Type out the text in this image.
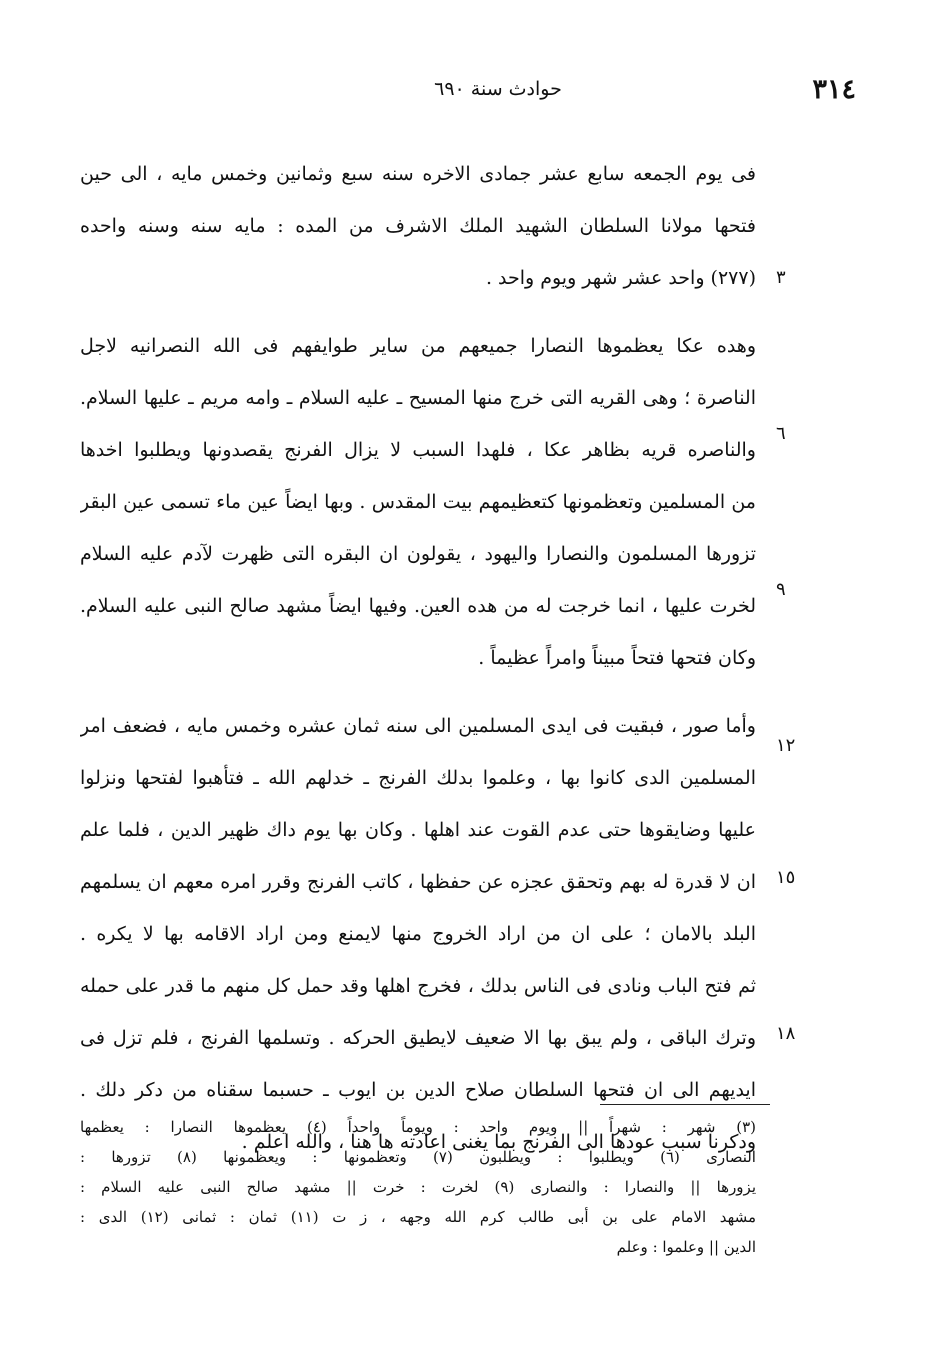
٣١٤
حوادث سنة ٦٩٠
فى يوم الجمعه سابع عشر جمادى الاخره سنه سبع وثمانين وخمس مايه ، الى حين
فتحها مولانا السلطان الشهيد الملك الاشرف من المده : مايه سنه وسنه واحده
(٢٧٧) واحد عشر شهر ويوم واحد .
وهده عكا يعظموها النصارا جميعهم من ساير طوايفهم فى الله النصرانيه لاجل
الناصرة ؛ وهى القريه التى خرج منها المسيح ـ عليه السلام ـ وامه مريم ـ عليها السلام.
والناصره قريه بظاهر عكا ، فلهدا السبب لا يزال الفرنج يقصدونها ويطلبوا اخدها
من المسلمين وتعظمونها كتعظيمهم بيت المقدس . وبها ايضاً عين ماء تسمى عين البقر
تزورها المسلمون والنصارا واليهود ، يقولون ان البقره التى ظهرت لآدم عليه السلام
لخرت عليها ، انما خرجت له من هده العين. وفيها ايضاً مشهد صالح النبى عليه السلام.
وكان فتحها فتحاً مبيناً وامراً عظيماً .
وأما صور ، فبقيت فى ايدى المسلمين الى سنه ثمان عشره وخمس مايه ، فضعف امر
المسلمين الدى كانوا بها ، وعلموا بدلك الفرنج ـ خدلهم الله ـ فتأهبوا لفتحها ونزلوا
عليها وضايقوها حتى عدم القوت عند اهلها . وكان بها يوم داك ظهير الدين ، فلما علم
ان لا قدرة له بهم وتحقق عجزه عن حفظها ، كاتب الفرنج وقرر امره معهم ان يسلمهم
البلد بالامان ؛ على ان من اراد الخروج منها لايمنع ومن اراد الاقامه بها لا يكره .
ثم فتح الباب ونادى فى الناس بدلك ، فخرج اهلها وقد حمل كل منهم ما قدر على حمله
وترك الباقى ، ولم يبق بها الا ضعيف لايطيق الحركه . وتسلمها الفرنج ، فلم تزل فى
ايديهم الى ان فتحها السلطان صلاح الدين بن ايوب ـ حسبما سقناه من دكر دلك .
ودكرنا سبب عودها الى الفرنج بما يغنى اعادته ها هنا ، والله اعلم .
٣
٦
٩
١٢
١٥
١٨
(٣) شهر : شهراً || ويوم واحد : ويوماً واحداً (٤) يعظموها النصارا : يعظمها
النصارى (٦) ويطلبوا : ويطلبون (٧) وتعظمونها : ويعظمونها (٨) تزورها :
يزورها || والنصارا : والنصارى (٩) لخرت : خرت || مشهد صالح النبى عليه السلام :
مشهد الامام على بن أبى طالب كرم الله وجهه ، ز ت (١١) ثمان : ثمانى (١٢) الدى :
الدين || وعلموا : وعلم
